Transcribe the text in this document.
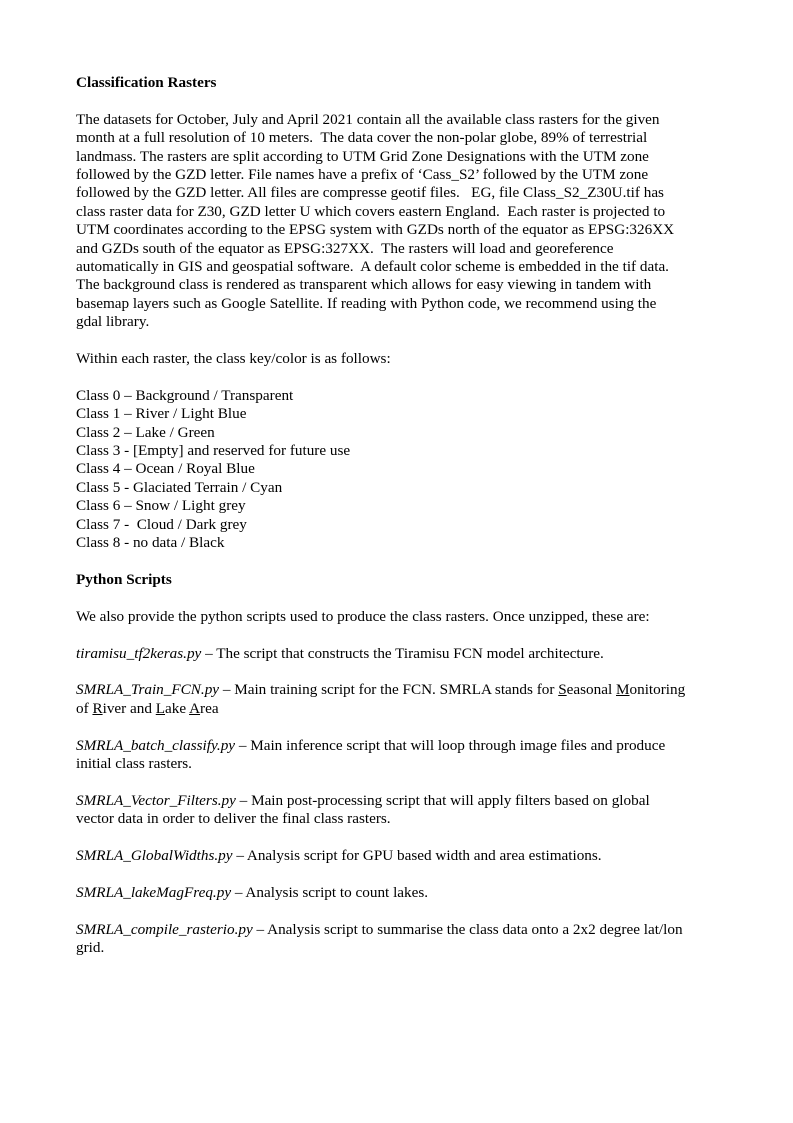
Classification Rasters

The datasets for October, July and April 2021 contain all the available class rasters for the given

month at a full resolution of 10 meters.  The data cover the non-polar globe, 89% of terrestrial

landmass. The rasters are split according to UTM Grid Zone Designations with the UTM zone

followed by the GZD letter. File names have a prefix of ‘Cass_S2’ followed by the UTM zone

followed by the GZD letter. All files are compresse geotif files.   EG, file Class_S2_Z30U.tif has

class raster data for Z30, GZD letter U which covers eastern England.  Each raster is projected to

UTM coordinates according to the EPSG system with GZDs north of the equator as EPSG:326XX

and GZDs south of the equator as EPSG:327XX.  The rasters will load and georeference

automatically in GIS and geospatial software.  A default color scheme is embedded in the tif data.

The background class is rendered as transparent which allows for easy viewing in tandem with

basemap layers such as Google Satellite. If reading with Python code, we recommend using the

gdal library.

Within each raster, the class key/color is as follows:

Class 0 – Background / Transparent

Class 1 – River / Light Blue

Class 2 – Lake / Green

Class 3 - [Empty] and reserved for future use

Class 4 – Ocean / Royal Blue

Class 5 - Glaciated Terrain / Cyan

Class 6 – Snow / Light grey

Class 7 -  Cloud / Dark grey

Class 8 - no data / Black

Python Scripts

We also provide the python scripts used to produce the class rasters. Once unzipped, these are:

tiramisu_tf2keras.py – The script that constructs the Tiramisu FCN model architecture.

SMRLA_Train_FCN.py – Main training script for the FCN. SMRLA stands for Seasonal Monitoring

of River and Lake Area

SMRLA_batch_classify.py – Main inference script that will loop through image files and produce

initial class rasters.

SMRLA_Vector_Filters.py – Main post-processing script that will apply filters based on global

vector data in order to deliver the final class rasters.

SMRLA_GlobalWidths.py – Analysis script for GPU based width and area estimations.

SMRLA_lakeMagFreq.py – Analysis script to count lakes.

SMRLA_compile_rasterio.py – Analysis script to summarise the class data onto a 2x2 degree lat/lon

grid.
